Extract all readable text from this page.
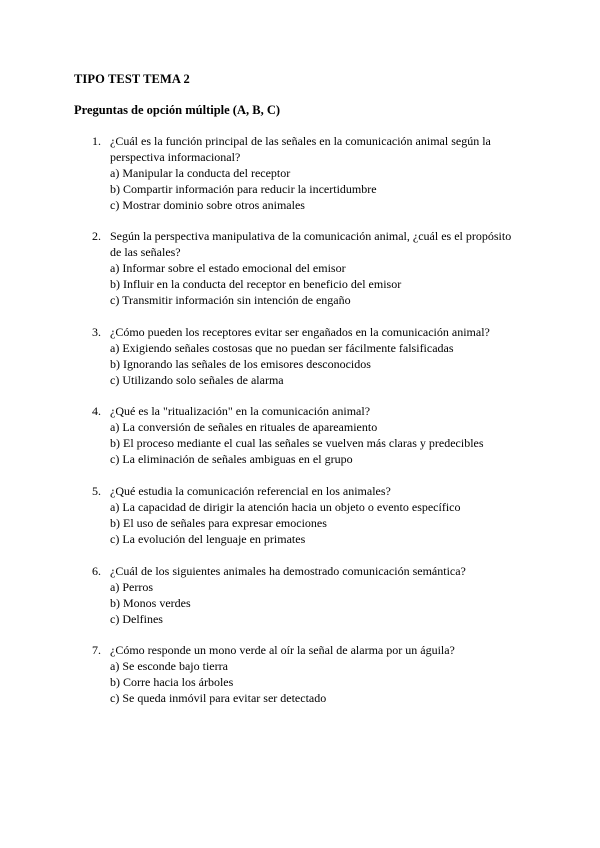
TIPO TEST TEMA 2
Preguntas de opción múltiple (A, B, C)
1. ¿Cuál es la función principal de las señales en la comunicación animal según la perspectiva informacional?
a) Manipular la conducta del receptor
b) Compartir información para reducir la incertidumbre
c) Mostrar dominio sobre otros animales
2. Según la perspectiva manipulativa de la comunicación animal, ¿cuál es el propósito de las señales?
a) Informar sobre el estado emocional del emisor
b) Influir en la conducta del receptor en beneficio del emisor
c) Transmitir información sin intención de engaño
3. ¿Cómo pueden los receptores evitar ser engañados en la comunicación animal?
a) Exigiendo señales costosas que no puedan ser fácilmente falsificadas
b) Ignorando las señales de los emisores desconocidos
c) Utilizando solo señales de alarma
4. ¿Qué es la "ritualización" en la comunicación animal?
a) La conversión de señales en rituales de apareamiento
b) El proceso mediante el cual las señales se vuelven más claras y predecibles
c) La eliminación de señales ambiguas en el grupo
5. ¿Qué estudia la comunicación referencial en los animales?
a) La capacidad de dirigir la atención hacia un objeto o evento específico
b) El uso de señales para expresar emociones
c) La evolución del lenguaje en primates
6. ¿Cuál de los siguientes animales ha demostrado comunicación semántica?
a) Perros
b) Monos verdes
c) Delfines
7. ¿Cómo responde un mono verde al oír la señal de alarma por un águila?
a) Se esconde bajo tierra
b) Corre hacia los árboles
c) Se queda inmóvil para evitar ser detectado
